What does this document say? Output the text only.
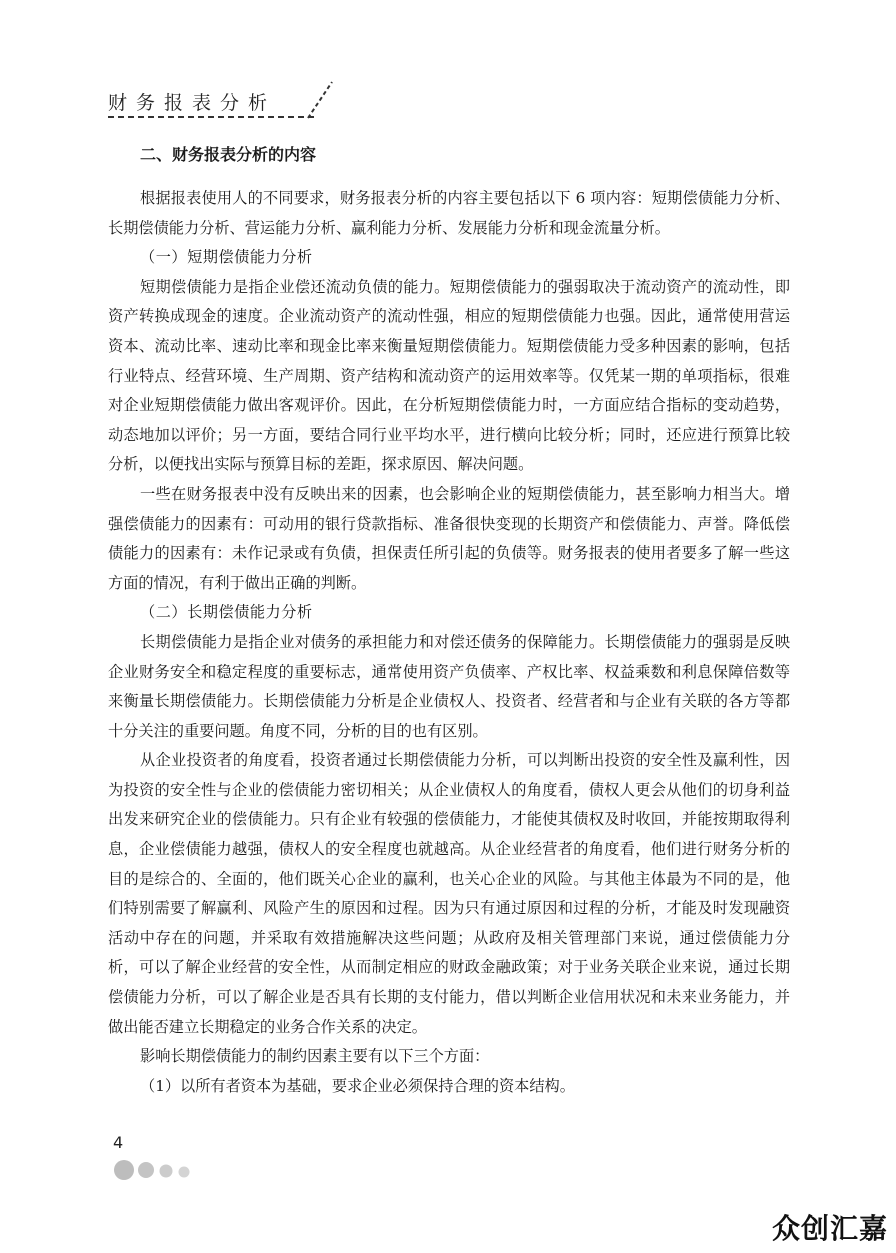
财务报表分析
二、财务报表分析的内容

根据报表使用人的不同要求，财务报表分析的内容主要包括以下 6 项内容：短期偿债能力分析、长期偿债能力分析、营运能力分析、赢利能力分析、发展能力分析和现金流量分析。

（一）短期偿债能力分析

短期偿债能力是指企业偿还流动负债的能力。短期偿债能力的强弱取决于流动资产的流动性，即资产转换成现金的速度。企业流动资产的流动性强，相应的短期偿债能力也强。因此，通常使用营运资本、流动比率、速动比率和现金比率来衡量短期偿债能力。短期偿债能力受多种因素的影响，包括行业特点、经营环境、生产周期、资产结构和流动资产的运用效率等。仅凭某一期的单项指标，很难对企业短期偿债能力做出客观评价。因此，在分析短期偿债能力时，一方面应结合指标的变动趋势，动态地加以评价；另一方面，要结合同行业平均水平，进行横向比较分析；同时，还应进行预算比较分析，以便找出实际与预算目标的差距，探求原因、解决问题。

一些在财务报表中没有反映出来的因素，也会影响企业的短期偿债能力，甚至影响力相当大。增强偿债能力的因素有：可动用的银行贷款指标、准备很快变现的长期资产和偿债能力、声誉。降低偿债能力的因素有：未作记录或有负债，担保责任所引起的负债等。财务报表的使用者要多了解一些这方面的情况，有利于做出正确的判断。

（二）长期偿债能力分析

长期偿债能力是指企业对债务的承担能力和对偿还债务的保障能力。长期偿债能力的强弱是反映企业财务安全和稳定程度的重要标志，通常使用资产负债率、产权比率、权益乘数和利息保障倍数等来衡量长期偿债能力。长期偿债能力分析是企业债权人、投资者、经营者和与企业有关联的各方等都十分关注的重要问题。角度不同，分析的目的也有区别。

从企业投资者的角度看，投资者通过长期偿债能力分析，可以判断出投资的安全性及赢利性，因为投资的安全性与企业的偿债能力密切相关；从企业债权人的角度看，债权人更会从他们的切身利益出发来研究企业的偿债能力。只有企业有较强的偿债能力，才能使其债权及时收回，并能按期取得利息，企业偿债能力越强，债权人的安全程度也就越高。从企业经营者的角度看，他们进行财务分析的目的是综合的、全面的，他们既关心企业的赢利，也关心企业的风险。与其他主体最为不同的是，他们特别需要了解赢利、风险产生的原因和过程。因为只有通过原因和过程的分析，才能及时发现融资活动中存在的问题，并采取有效措施解决这些问题；从政府及相关管理部门来说，通过偿债能力分析，可以了解企业经营的安全性，从而制定相应的财政金融政策；对于业务关联企业来说，通过长期偿债能力分析，可以了解企业是否具有长期的支付能力，借以判断企业信用状况和未来业务能力，并做出能否建立长期稳定的业务合作关系的决定。

影响长期偿债能力的制约因素主要有以下三个方面：

（1）以所有者资本为基础，要求企业必须保持合理的资本结构。

4
众创汇嘉
